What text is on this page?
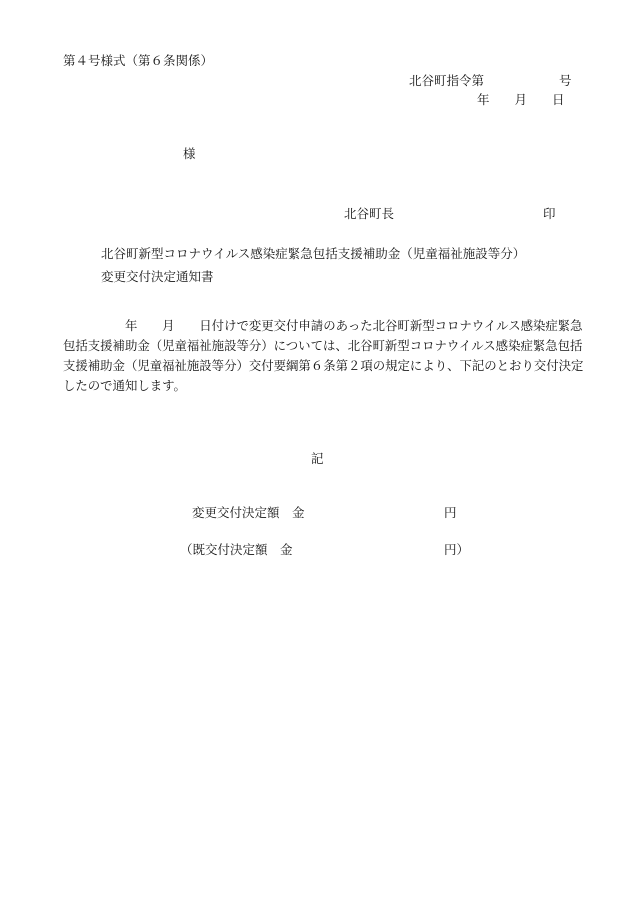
第４号様式（第６条関係）
北谷町指令第　　　　　　号
年　　月　　日
様
北谷町長	印
北谷町新型コロナウイルス感染症緊急包括支援補助金（児童福祉施設等分）
変更交付決定通知書
　　　　　年　　月　　日付けで変更交付申請のあった北谷町新型コロナウイルス感染症緊急包括支援補助金（児童福祉施設等分）については、北谷町新型コロナウイルス感染症緊急包括支援補助金（児童福祉施設等分）交付要綱第６条第２項の規定により、下記のとおり交付決定したので通知します。
記
変更交付決定額　金	円
（既交付決定額　金	円）
